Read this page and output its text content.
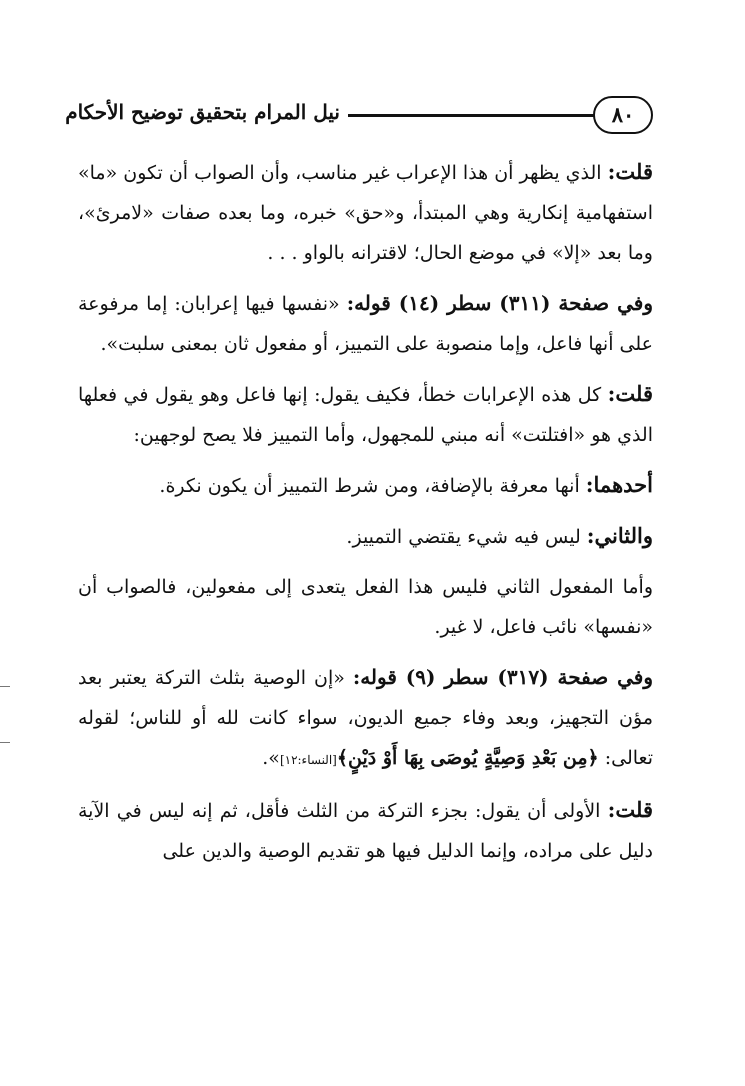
٨٠
نيل المرام بتحقيق توضيح الأحكام

قلت: الذي يظهر أن هذا الإعراب غير مناسب، وأن الصواب أن تكون «ما» استفهامية إنكارية وهي المبتدأ، و«حق» خبره، وما بعده صفات «لامرئ»، وما بعد «إلا» في موضع الحال؛ لاقترانه بالواو . . .

وفي صفحة (٣١١) سطر (١٤) قوله: «نفسها فيها إعرابان: إما مرفوعة على أنها فاعل، وإما منصوبة على التمييز، أو مفعول ثان بمعنى سلبت».

قلت: كل هذه الإعرابات خطأ، فكيف يقول: إنها فاعل وهو يقول في فعلها الذي هو «افتلتت» أنه مبني للمجهول، وأما التمييز فلا يصح لوجهين:

أحدهما: أنها معرفة بالإضافة، ومن شرط التمييز أن يكون نكرة.

والثاني: ليس فيه شيء يقتضي التمييز.

وأما المفعول الثاني فليس هذا الفعل يتعدى إلى مفعولين، فالصواب أن «نفسها» نائب فاعل، لا غير.

وفي صفحة (٣١٧) سطر (٩) قوله: «إن الوصية بثلث التركة يعتبر بعد مؤن التجهيز، وبعد وفاء جميع الديون، سواء كانت لله أو للناس؛ لقوله تعالى: ﴿مِن بَعْدِ وَصِيَّةٍ يُوصَى بِهَا أَوْ دَيْنٍ﴾[النساء:١٢]».

قلت: الأولى أن يقول: بجزء التركة من الثلث فأقل، ثم إنه ليس في الآية دليل على مراده، وإنما الدليل فيها هو تقديم الوصية والدين على
